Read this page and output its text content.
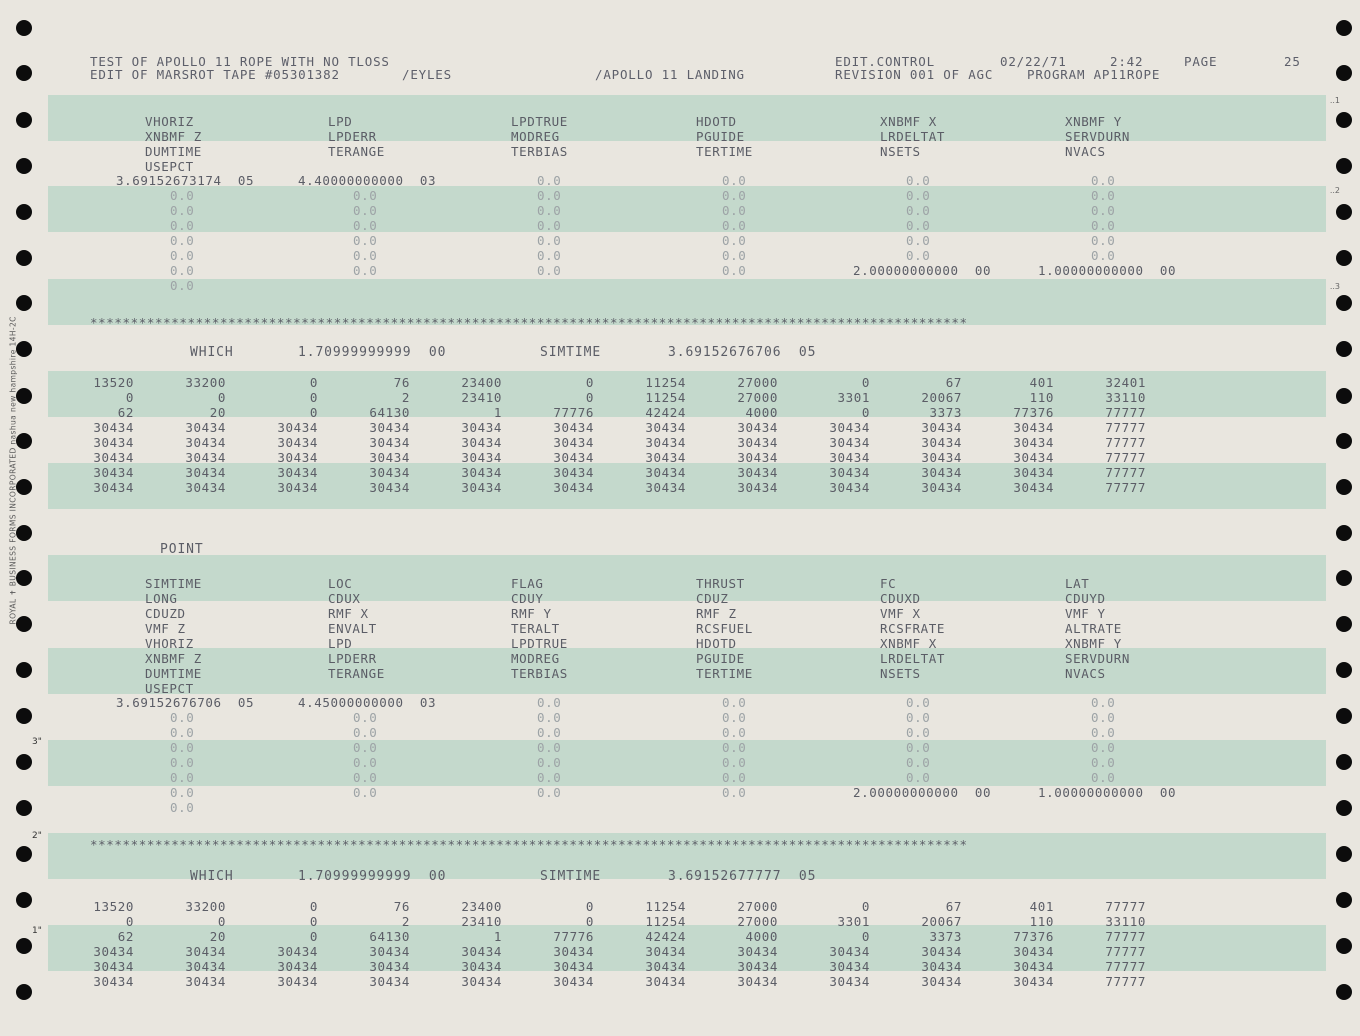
ROYAL ✝ BUSINESS FORMS INCORPORATED nashua new hampshire 14H-2C
3"
2"
1"
..1
..2
..3
TEST OF APOLLO 11 ROPE WITH NO TLOSS
EDIT OF MARSROT TAPE #05301382	/EYLES	/APOLLO 11 LANDING
EDIT.CONTROL	02/22/71	2:42	PAGE	25
REVISION 001 OF AGC	PROGRAM AP11ROPE
VHORIZ	LPD	LPDTRUE	HDOTD	XNBMF X	XNBMF Y
XNBMF Z	LPDERR	MODREG	PGUIDE	LRDELTAT	SERVDURN
DUMTIME	TERANGE	TERBIAS	TERTIME	NSETS	NVACS
USEPCT
3.69152673174  05	4.40000000000  03	0.0	0.0	0.0	0.0
0.0	0.0	0.0	0.0	0.0	0.0
0.0	0.0	0.0	0.0	0.0	0.0
0.0	0.0	0.0	0.0	0.0	0.0
0.0	0.0	0.0	0.0	0.0	0.0
0.0	0.0	0.0	0.0	0.0	0.0
0.0	0.0	0.0	0.0	2.00000000000  00	1.00000000000  00
0.0
************************************************************************************************************
WHICH	1.70999999999  00	SIMTIME	3.69152676706  05
13520	33200	0	76	23400	0	11254	27000	0	67	401	32401
0	0	0	2	23410	0	11254	27000	3301	20067	110	33110
62	20	0	64130	1	77776	42424	4000	0	3373	77376	77777
30434	30434	30434	30434	30434	30434	30434	30434	30434	30434	30434	77777
30434	30434	30434	30434	30434	30434	30434	30434	30434	30434	30434	77777
30434	30434	30434	30434	30434	30434	30434	30434	30434	30434	30434	77777
30434	30434	30434	30434	30434	30434	30434	30434	30434	30434	30434	77777
30434	30434	30434	30434	30434	30434	30434	30434	30434	30434	30434	77777
POINT
SIMTIME	LOC	FLAG	THRUST	FC	LAT
LONG	CDUX	CDUY	CDUZ	CDUXD	CDUYD
CDUZD	RMF X	RMF Y	RMF Z	VMF X	VMF Y
VMF Z	ENVALT	TERALT	RCSFUEL	RCSFRATE	ALTRATE
VHORIZ	LPD	LPDTRUE	HDOTD	XNBMF X	XNBMF Y
XNBMF Z	LPDERR	MODREG	PGUIDE	LRDELTAT	SERVDURN
DUMTIME	TERANGE	TERBIAS	TERTIME	NSETS	NVACS
USEPCT
3.69152676706  05	4.45000000000  03	0.0	0.0	0.0	0.0
0.0	0.0	0.0	0.0	0.0	0.0
0.0	0.0	0.0	0.0	0.0	0.0
0.0	0.0	0.0	0.0	0.0	0.0
0.0	0.0	0.0	0.0	0.0	0.0
0.0	0.0	0.0	0.0	0.0	0.0
0.0	0.0	0.0	0.0	2.00000000000  00	1.00000000000  00
0.0
************************************************************************************************************
WHICH	1.70999999999  00	SIMTIME	3.69152677777  05
13520	33200	0	76	23400	0	11254	27000	0	67	401	77777
0	0	0	2	23410	0	11254	27000	3301	20067	110	33110
62	20	0	64130	1	77776	42424	4000	0	3373	77376	77777
30434	30434	30434	30434	30434	30434	30434	30434	30434	30434	30434	77777
30434	30434	30434	30434	30434	30434	30434	30434	30434	30434	30434	77777
30434	30434	30434	30434	30434	30434	30434	30434	30434	30434	30434	77777
